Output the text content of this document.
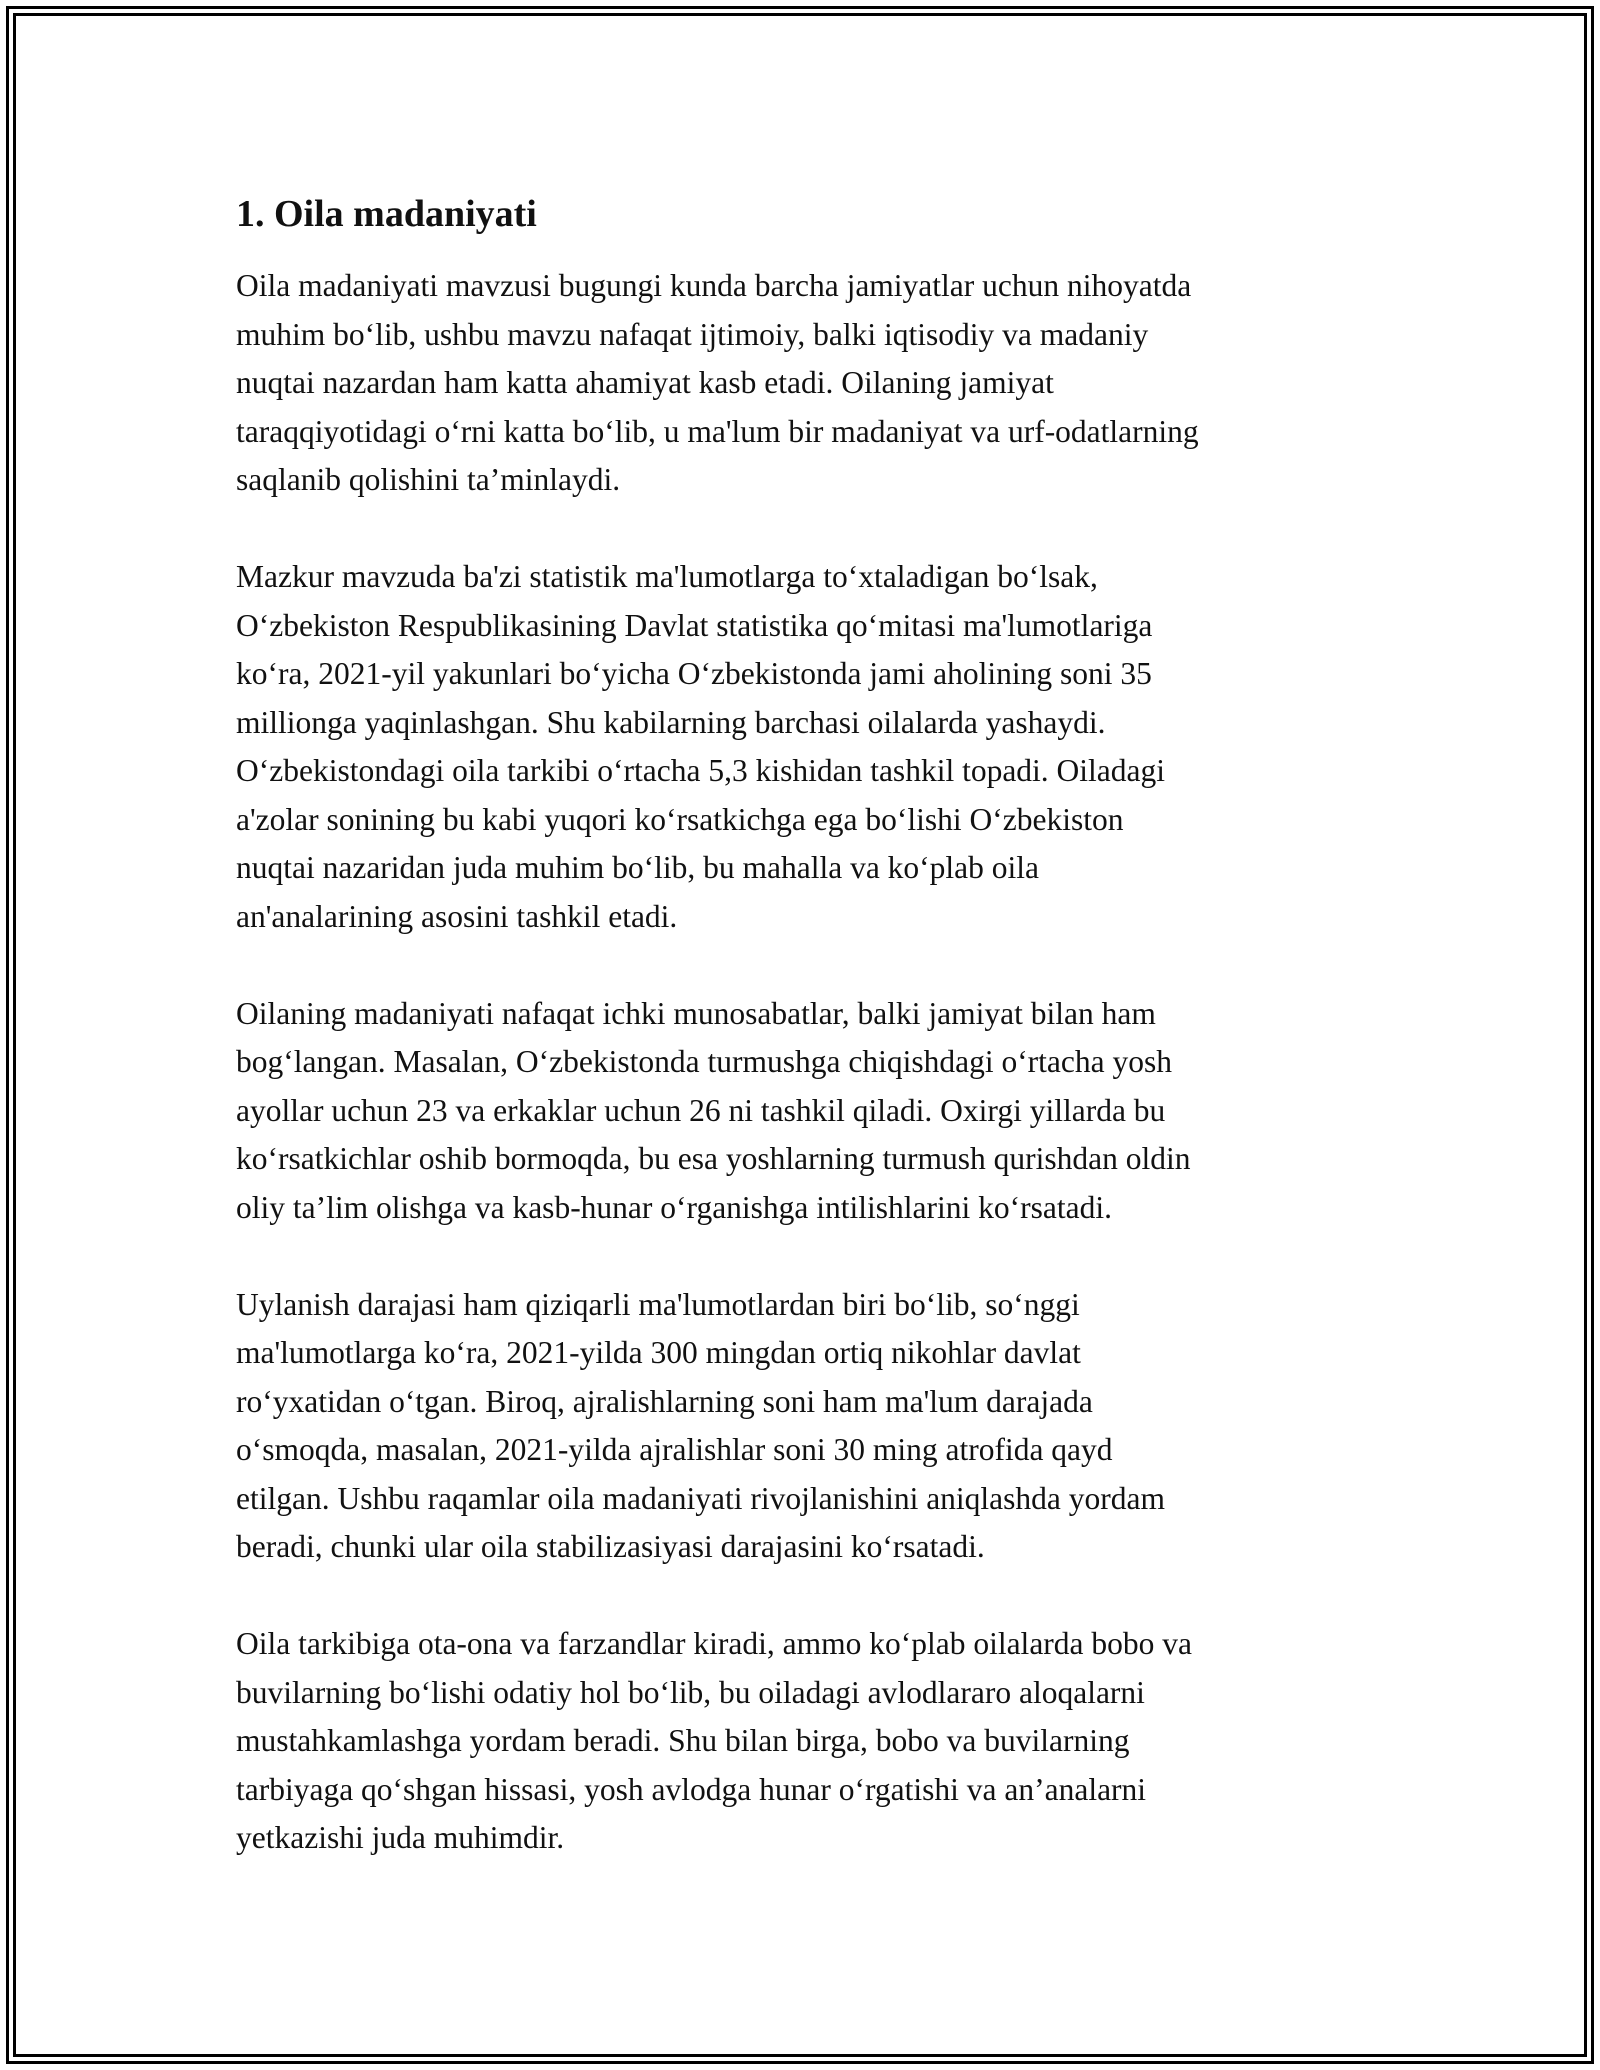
1. Oila madaniyati

Oila madaniyati mavzusi bugungi kunda barcha jamiyatlar uchun nihoyatda
muhim bo‘lib, ushbu mavzu nafaqat ijtimoiy, balki iqtisodiy va madaniy
nuqtai nazardan ham katta ahamiyat kasb etadi. Oilaning jamiyat
taraqqiyotidagi o‘rni katta bo‘lib, u ma'lum bir madaniyat va urf-odatlarning
saqlanib qolishini ta’minlaydi.

Mazkur mavzuda ba'zi statistik ma'lumotlarga to‘xtaladigan bo‘lsak,
O‘zbekiston Respublikasining Davlat statistika qo‘mitasi ma'lumotlariga
ko‘ra, 2021-yil yakunlari bo‘yicha O‘zbekistonda jami aholining soni 35
millionga yaqinlashgan. Shu kabilarning barchasi oilalarda yashaydi.
O‘zbekistondagi oila tarkibi o‘rtacha 5,3 kishidan tashkil topadi. Oiladagi
a'zolar sonining bu kabi yuqori ko‘rsatkichga ega bo‘lishi O‘zbekiston
nuqtai nazaridan juda muhim bo‘lib, bu mahalla va ko‘plab oila
an'analarining asosini tashkil etadi.

Oilaning madaniyati nafaqat ichki munosabatlar, balki jamiyat bilan ham
bog‘langan. Masalan, O‘zbekistonda turmushga chiqishdagi o‘rtacha yosh
ayollar uchun 23 va erkaklar uchun 26 ni tashkil qiladi. Oxirgi yillarda bu
ko‘rsatkichlar oshib bormoqda, bu esa yoshlarning turmush qurishdan oldin
oliy ta’lim olishga va kasb-hunar o‘rganishga intilishlarini ko‘rsatadi.

Uylanish darajasi ham qiziqarli ma'lumotlardan biri bo‘lib, so‘nggi
ma'lumotlarga ko‘ra, 2021-yilda 300 mingdan ortiq nikohlar davlat
ro‘yxatidan o‘tgan. Biroq, ajralishlarning soni ham ma'lum darajada
o‘smoqda, masalan, 2021-yilda ajralishlar soni 30 ming atrofida qayd
etilgan. Ushbu raqamlar oila madaniyati rivojlanishini aniqlashda yordam
beradi, chunki ular oila stabilizasiyasi darajasini ko‘rsatadi.

Oila tarkibiga ota-ona va farzandlar kiradi, ammo ko‘plab oilalarda bobo va
buvilarning bo‘lishi odatiy hol bo‘lib, bu oiladagi avlodlararo aloqalarni
mustahkamlashga yordam beradi. Shu bilan birga, bobo va buvilarning
tarbiyaga qo‘shgan hissasi, yosh avlodga hunar o‘rgatishi va an’analarni
yetkazishi juda muhimdir.
